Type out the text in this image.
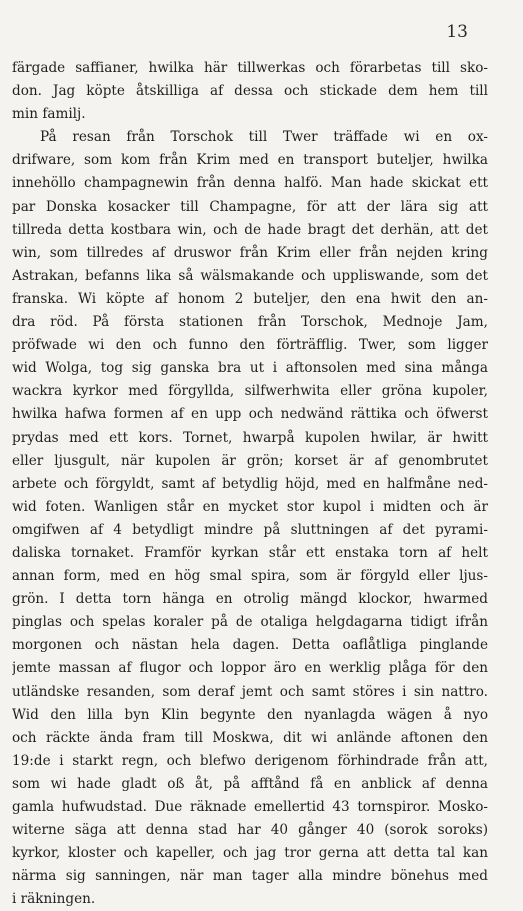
13
färgade saffianer, hwilka här tillwerkas och förarbetas till sko-
don. Jag köpte åtskilliga af dessa och stickade dem hem till
min familj.
På resan från Torschok till Twer träffade wi en ox-
drifware, som kom från Krim med en transport buteljer, hwilka
innehöllo champagnewin från denna halfö. Man hade skickat ett
par Donska kosacker till Champagne, för att der lära sig att
tillreda detta kostbara win, och de hade bragt det derhän, att det
win, som tillredes af druswor från Krim eller från nejden kring
Astrakan, befanns lika så wälsmakande och uppliswande, som det
franska. Wi köpte af honom 2 buteljer, den ena hwit den an-
dra röd. På första stationen från Torschok, Mednoje Jam,
pröfwade wi den och funno den förträfflig. Twer, som ligger
wid Wolga, tog sig ganska bra ut i aftonsolen med sina många
wackra kyrkor med förgyllda, silfwerhwita eller gröna kupoler,
hwilka hafwa formen af en upp och nedwänd rättika och öfwerst
prydas med ett kors. Tornet, hwarpå kupolen hwilar, är hwitt
eller ljusgult, när kupolen är grön; korset är af genombrutet
arbete och förgyldt, samt af betydlig höjd, med en halfmåne ned-
wid foten. Wanligen står en mycket stor kupol i midten och är
omgifwen af 4 betydligt mindre på sluttningen af det pyrami-
daliska tornaket. Framför kyrkan står ett enstaka torn af helt
annan form, med en hög smal spira, som är förgyld eller ljus-
grön. I detta torn hänga en otrolig mängd klockor, hwarmed
pinglas och spelas koraler på de otaliga helgdagarna tidigt ifrån
morgonen och nästan hela dagen. Detta oaflåtliga pinglande
jemte massan af flugor och loppor äro en werklig plåga för den
utländske resanden, som deraf jemt och samt störes i sin nattro.
Wid den lilla byn Klin begynte den nyanlagda wägen å nyo
och räckte ända fram till Moskwa, dit wi anlände aftonen den
19:de i starkt regn, och blefwo derigenom förhindrade från att,
som wi hade gladt oß åt, på afftånd få en anblick af denna
gamla hufwudstad. Due räknade emellertid 43 tornspiror. Mosko-
witerne säga att denna stad har 40 gånger 40 (sorok soroks)
kyrkor, kloster och kapeller, och jag tror gerna att detta tal kan
närma sig sanningen, när man tager alla mindre bönehus med
i räkningen.
